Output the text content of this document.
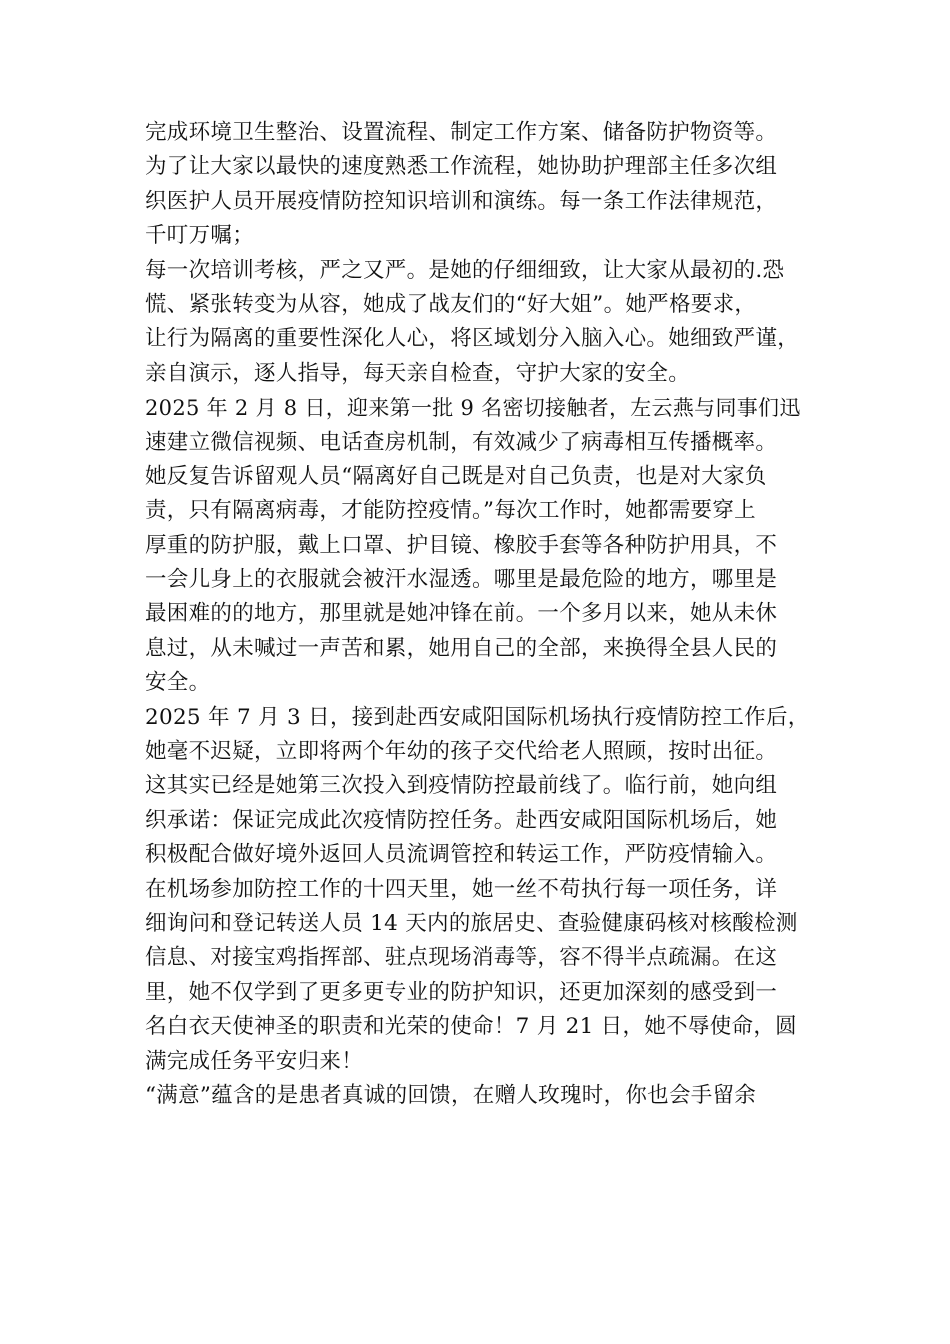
完成环境卫生整治、设置流程、制定工作方案、储备防护物资等。
为了让大家以最快的速度熟悉工作流程，她协助护理部主任多次组
织医护人员开展疫情防控知识培训和演练。每一条工作法律规范，
千叮万嘱；
每一次培训考核，严之又严。是她的仔细细致，让大家从最初的.恐
慌、紧张转变为从容，她成了战友们的“好大姐”。她严格要求，
让行为隔离的重要性深化人心，将区域划分入脑入心。她细致严谨，
亲自演示，逐人指导，每天亲自检查，守护大家的安全。
2025 年 2 月 8 日，迎来第一批 9 名密切接触者，左云燕与同事们迅
速建立微信视频、电话查房机制，有效减少了病毒相互传播概率。
她反复告诉留观人员“隔离好自己既是对自己负责，也是对大家负
责，只有隔离病毒，才能防控疫情。”每次工作时，她都需要穿上
厚重的防护服，戴上口罩、护目镜、橡胶手套等各种防护用具，不
一会儿身上的衣服就会被汗水湿透。哪里是最危险的地方，哪里是
最困难的的地方，那里就是她冲锋在前。一个多月以来，她从未休
息过，从未喊过一声苦和累，她用自己的全部，来换得全县人民的
安全。
2025 年 7 月 3 日，接到赴西安咸阳国际机场执行疫情防控工作后，
她毫不迟疑，立即将两个年幼的孩子交代给老人照顾，按时出征。
这其实已经是她第三次投入到疫情防控最前线了。临行前，她向组
织承诺：保证完成此次疫情防控任务。赴西安咸阳国际机场后，她
积极配合做好境外返回人员流调管控和转运工作，严防疫情输入。
在机场参加防控工作的十四天里，她一丝不苟执行每一项任务，详
细询问和登记转送人员 14 天内的旅居史、查验健康码核对核酸检测
信息、对接宝鸡指挥部、驻点现场消毒等，容不得半点疏漏。在这
里，她不仅学到了更多更专业的防护知识，还更加深刻的感受到一
名白衣天使神圣的职责和光荣的使命！7 月 21 日，她不辱使命，圆
满完成任务平安归来！
“满意”蕴含的是患者真诚的回馈，在赠人玫瑰时，你也会手留余
